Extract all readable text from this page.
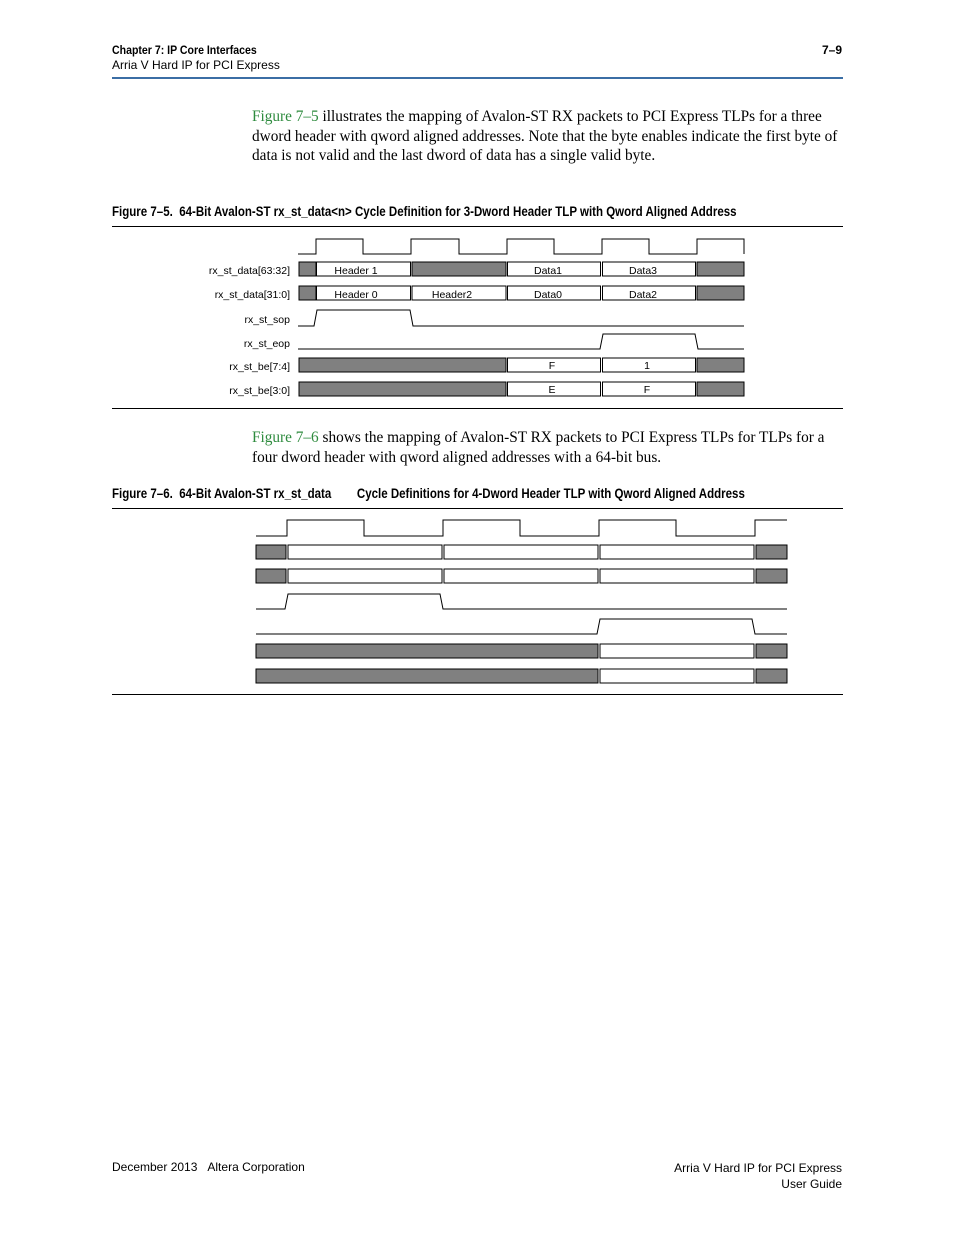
Chapter 7: IP Core Interfaces
Arria V Hard IP for PCI Express
7–9
Figure 7–5 illustrates the mapping of Avalon-ST RX packets to PCI Express TLPs for a three dword header with qword aligned addresses. Note that the byte enables indicate the first byte of data is not valid and the last dword of data has a single valid byte.
Figure 7–5.  64-Bit Avalon-ST rx_st_data<n> Cycle Definition for 3-Dword Header TLP with Qword Aligned Address
rx_st_data[63:32]
rx_st_data[31:0]
rx_st_sop
rx_st_eop
rx_st_be[7:4]
rx_st_be[3:0]
Header 1	Data1	Data3
Header 0	Header2	Data0	Data2
F	1
E	F
Figure 7–6 shows the mapping of Avalon-ST RX packets to PCI Express TLPs for TLPs for a four dword header with qword aligned addresses with a 64-bit bus.
Figure 7–6.  64-Bit Avalon-ST rx_st_data        Cycle Definitions for 4-Dword Header TLP with Qword Aligned Address
December 2013 Altera Corporation	Arria V Hard IP for PCI Express
User Guide
